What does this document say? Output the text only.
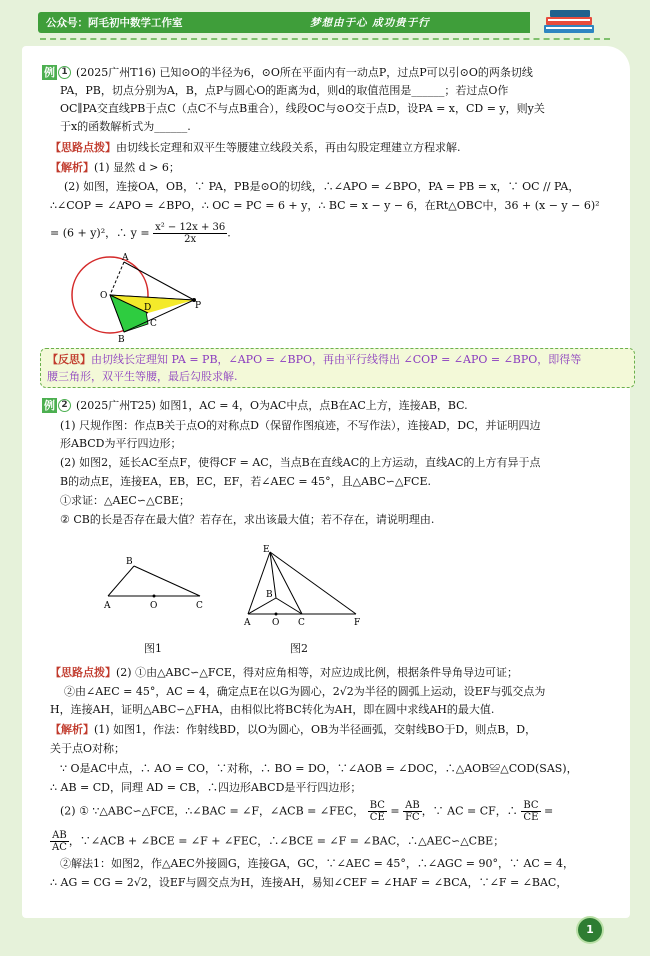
公众号：阿毛初中数学工作室	梦想由于心 成功贵于行
例 1 (2025广州T16) 已知⊙O的半径为6，⊙O所在平面内有一动点P，过点P可以引⊙O的两条切线
PA，PB，切点分别为A，B，点P与圆心O的距离为d，则d的取值范围是______；若过点O作
OC∥PA交直线PB于点C（点C不与点B重合），线段OC与⊙O交于点D，设PA = x，CD = y，则y关
于x的函数解析式为______.
【思路点拨】由切线长定理和双平生等腰建立线段关系，再由勾股定理建立方程求解.
【解析】(1) 显然 d > 6；
(2) 如图，连接OA，OB，∵ PA，PB是⊙O的切线，∴∠APO = ∠BPO，PA = PB = x，∵ OC // PA，
∴∠COP = ∠APO = ∠BPO，∴ OC = PC = 6 + y，∴ BC = x − y − 6，在Rt△OBC中，36 + (x − y − 6)²
= (6 + y)²，∴ $y = \frac{\text{x² − 12x + 36}}{2x}$ .
A
O
D	P
C
B
【反思】由切线长定理知 PA = PB，∠APO = ∠BPO，再由平行线得出 ∠COP = ∠APO = ∠BPO，即得等
腰三角形，双平生等腰，最后勾股求解.
例 2 (2025广州T25) 如图1，AC = 4，O为AC中点，点B在AC上方，连接AB，BC.
(1) 尺规作图：作点B关于点O的对称点D（保留作图痕迹，不写作法），连接AD，DC，并证明四边
形ABCD为平行四边形；
(2) 如图2，延长AC至点F，使得CF = AC，当点B在直线AC的上方运动，直线AC的上方有异于点
B的动点E，连接EA，EB，EC，EF，若∠AEC = 45°，且△ABC∽△FCE.
①求证：△AEC∽△CBE；
② CB的长是否存在最大值？若存在，求出该最大值；若不存在，请说明理由.
B
A	O	C
E
B
A O C	F
图1	图2
【思路点拨】(2) ①由△ABC∽△FCE，得对应角相等，对应边成比例，根据条件导角导边可证；
②由∠AEC = 45°，AC = 4，确定点E在以G为圆心，2√2为半径的圆弧上运动，设EF与弧交点为
H，连接AH，证明△ABC∽△FHA，由相似比将BC转化为AH，即在圆中求线AH的最大值.
【解析】(1) 如图1，作法：作射线BD，以O为圆心，OB为半径画弧，交射线BO于D，则点B，D，
关于点O对称；
∵ O是AC中点，∴ AO = CO，∵对称，∴ BO = DO，∵∠AOB = ∠DOC，∴△AOB≌△COD(SAS)，
∴ AB = CD，同理 AD = CB，∴四边形ABCD是平行四边形；
(2) ① ∵△ABC∽△FCE，∴∠BAC = ∠F，∠ACB = ∠FEC， $\frac{BC}{CE} = \frac{AB}{FC}$ ，∵ AC = CF，∴ $\frac{BC}{CE}$ =
$\frac{AB}{AC}$ ，∵∠ACB + ∠BCE = ∠F + ∠FEC，∴∠BCE = ∠F = ∠BAC，∴△AEC∽△CBE；
②解法1：如图2，作△AEC外接圆G，连接GA，GC，∵∠AEC = 45°，∴∠AGC = 90°，∵ AC = 4，
∴ AG = CG = 2√2，设EF与圆交点为H，连接AH，易知∠CEF = ∠HAF = ∠BCA，∵∠F = ∠BAC，
1
